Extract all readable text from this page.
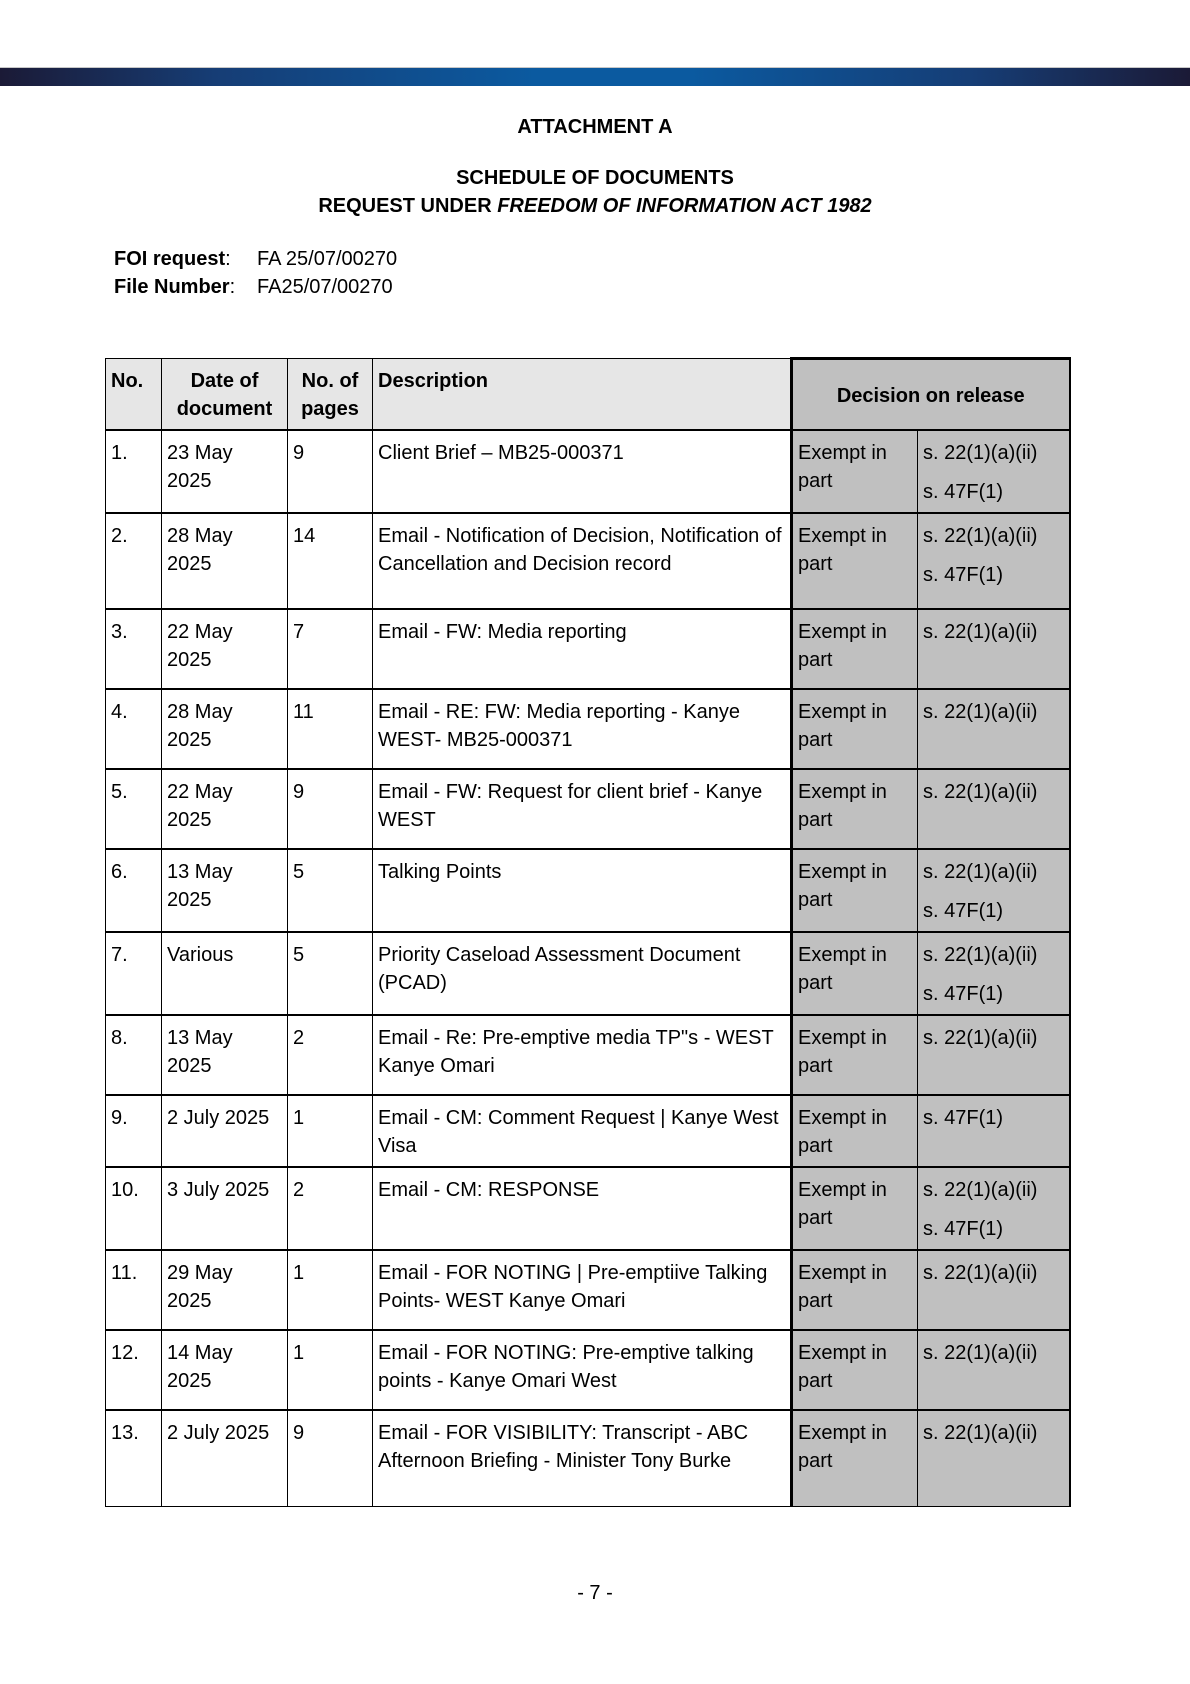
ATTACHMENT A
SCHEDULE OF DOCUMENTS
REQUEST UNDER FREEDOM OF INFORMATION ACT 1982
FOI request: FA 25/07/00270
File Number: FA25/07/00270
No.	Date of document	No. of pages	Description	Decision on release	
1.	23 May 2025	9	Client Brief – MB25-000371	Exempt in part	s. 22(1)(a)(ii)
s. 47F(1)

2.	28 May 2025	14	Email - Notification of Decision, Notification of Cancellation and Decision record	Exempt in part	s. 22(1)(a)(ii)
s. 47F(1)

3.	22 May 2025	7	Email - FW: Media reporting	Exempt in part	s. 22(1)(a)(ii)

4.	28 May 2025	11	Email - RE: FW: Media reporting - Kanye WEST- MB25-000371	Exempt in part	s. 22(1)(a)(ii)

5.	22 May 2025	9	Email - FW: Request for client brief - Kanye WEST	Exempt in part	s. 22(1)(a)(ii)

6.	13 May 2025	5	Talking Points	Exempt in part	s. 22(1)(a)(ii)
s. 47F(1)

7.	Various	5	Priority Caseload Assessment Document (PCAD)	Exempt in part	s. 22(1)(a)(ii)
s. 47F(1)

8.	13 May 2025	2	Email - Re: Pre-emptive media TP"s - WEST Kanye Omari	Exempt in part	s. 22(1)(a)(ii)

9.	2 July 2025	1	Email - CM: Comment Request | Kanye West Visa	Exempt in part	s. 47F(1)

10.	3 July 2025	2	Email - CM: RESPONSE	Exempt in part	s. 22(1)(a)(ii)
s. 47F(1)

11.	29 May 2025	1	Email - FOR NOTING | Pre-emptiive Talking Points- WEST Kanye Omari	Exempt in part	s. 22(1)(a)(ii)

12.	14 May 2025	1	Email - FOR NOTING: Pre-emptive talking points - Kanye Omari West	Exempt in part	s. 22(1)(a)(ii)

13.	2 July 2025	9	Email - FOR VISIBILITY: Transcript - ABC Afternoon Briefing - Minister Tony Burke	Exempt in part	s. 22(1)(a)(ii)
- 7 -
